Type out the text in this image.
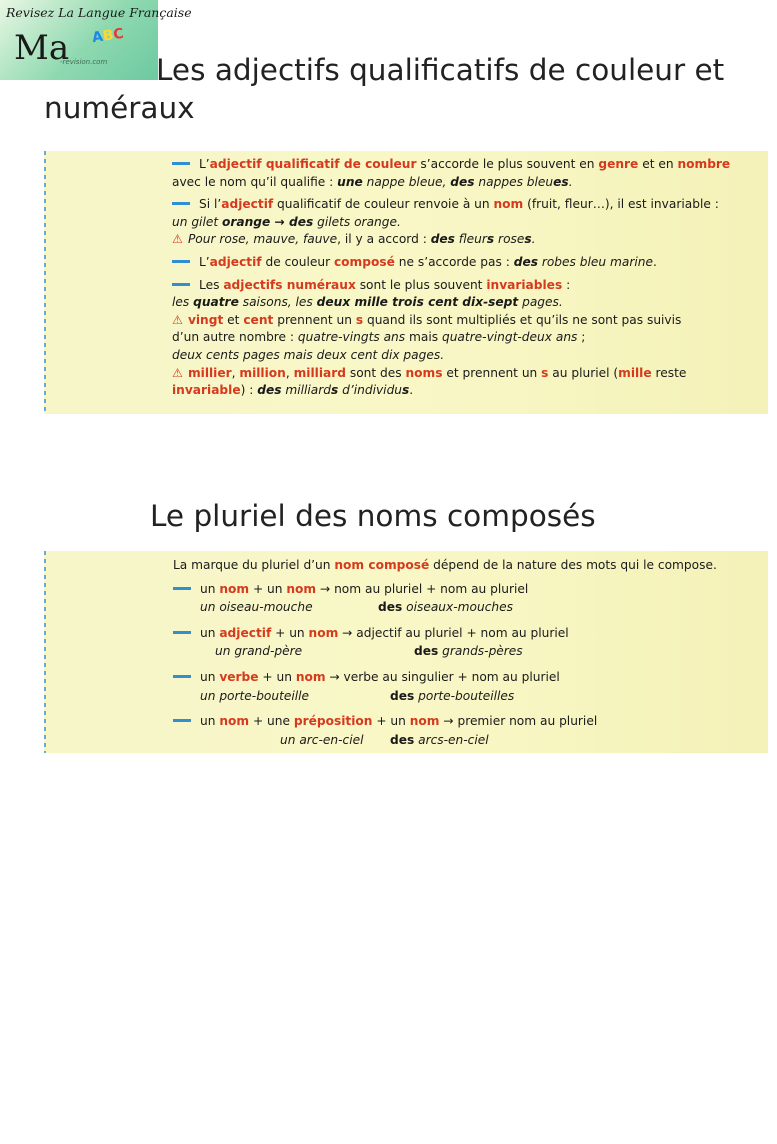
Revisez La Langue Française
Ma ABC
-revision.com	Les adjectifs qualificatifs de couleur et numéraux

L’adjectif qualificatif de couleur s’accorde le plus souvent en genre et en nombre
avec le nom qu’il qualifie : une nappe bleue, des nappes bleues.

Si l’adjectif qualificatif de couleur renvoie à un nom (fruit, fleur…), il est invariable :
un gilet orange → des gilets orange.

⚠ Pour rose, mauve, fauve, il y a accord : des fleurs roses.

L’adjectif de couleur composé ne s’accorde pas : des robes bleu marine.

Les adjectifs numéraux sont le plus souvent invariables :
les quatre saisons, les deux mille trois cent dix-sept pages.

⚠ vingt et cent prennent un s quand ils sont multipliés et qu’ils ne sont pas suivis
d’un autre nombre : quatre-vingts ans mais quatre-vingt-deux ans ;
deux cents pages mais deux cent dix pages.

⚠ millier, million, milliard sont des noms et prennent un s au pluriel (mille reste
invariable) : des milliards d’individus.

Le pluriel des noms composés

La marque du pluriel d’un nom composé dépend de la nature des mots qui le compose.

un nom + un nom → nom au pluriel + nom au pluriel
un oiseau-mouche	des oiseaux-mouches
un adjectif + un nom → adjectif au pluriel + nom au pluriel
un grand-père	des grands-pères
un verbe + un nom → verbe au singulier + nom au pluriel
un porte-bouteille	des porte-bouteilles
un nom + une préposition + un nom → premier nom au pluriel
un arc-en-ciel	des arcs-en-ciel
